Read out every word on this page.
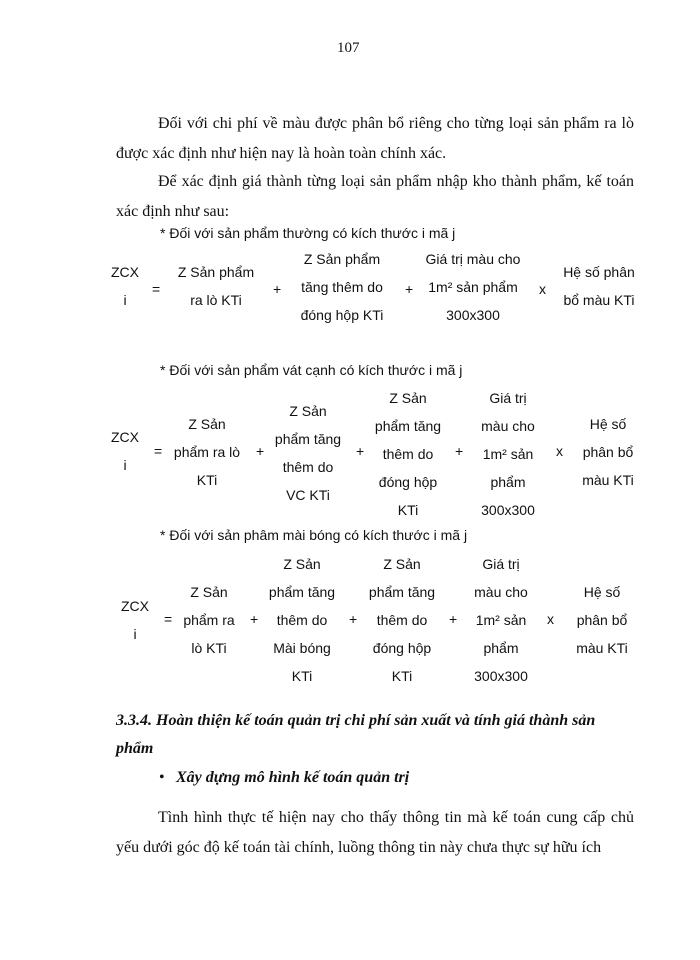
107
Đối với chi phí về màu được phân bổ riêng cho từng loại sản phẩm ra lò được xác định như hiện nay là hoàn toàn chính xác.
Để xác định giá thành từng loại sản phẩm nhập kho thành phẩm, kế toán xác định như sau:
* Đối với sản phẩm thường có kích thước i mã j
ZCX
i
=
Z Sản phẩm
ra lò KTi
+
Z Sản phẩm
tăng thêm do
đóng hộp KTi
+
Giá trị màu cho
1m² sản phẩm
300x300
x
Hệ số phân
bổ màu KTi
* Đối với sản phẩm vát cạnh có kích thước i mã j
ZCX
i
=
Z Sản
phẩm ra lò
KTi
+
Z Sản
phẩm tăng
thêm do
VC KTi
+
Z Sản
phẩm tăng
thêm do
đóng hộp
KTi
+
Giá trị
màu cho
1m² sản
phẩm
300x300
x
Hệ số
phân bổ
màu KTi
* Đối với sản phâm mài bóng có kích thước i mã j
ZCX
i
=
Z Sản
phẩm ra
lò KTi
+
Z Sản
phẩm tăng
thêm do
Mài bóng
KTi
+
Z Sản
phẩm tăng
thêm do
đóng hộp
KTi
+
Giá trị
màu cho
1m² sản
phẩm
300x300
x
Hệ số
phân bổ
màu KTi
3.3.4. Hoàn thiện kế toán quản trị chi phí sản xuất và tính giá thành sản
phẩm
• Xây dựng mô hình kế toán quản trị
Tình hình thực tế hiện nay cho thấy thông tin mà kế toán cung cấp chủ yếu dưới góc độ kế toán tài chính, luồng thông tin này chưa thực sự hữu ích
